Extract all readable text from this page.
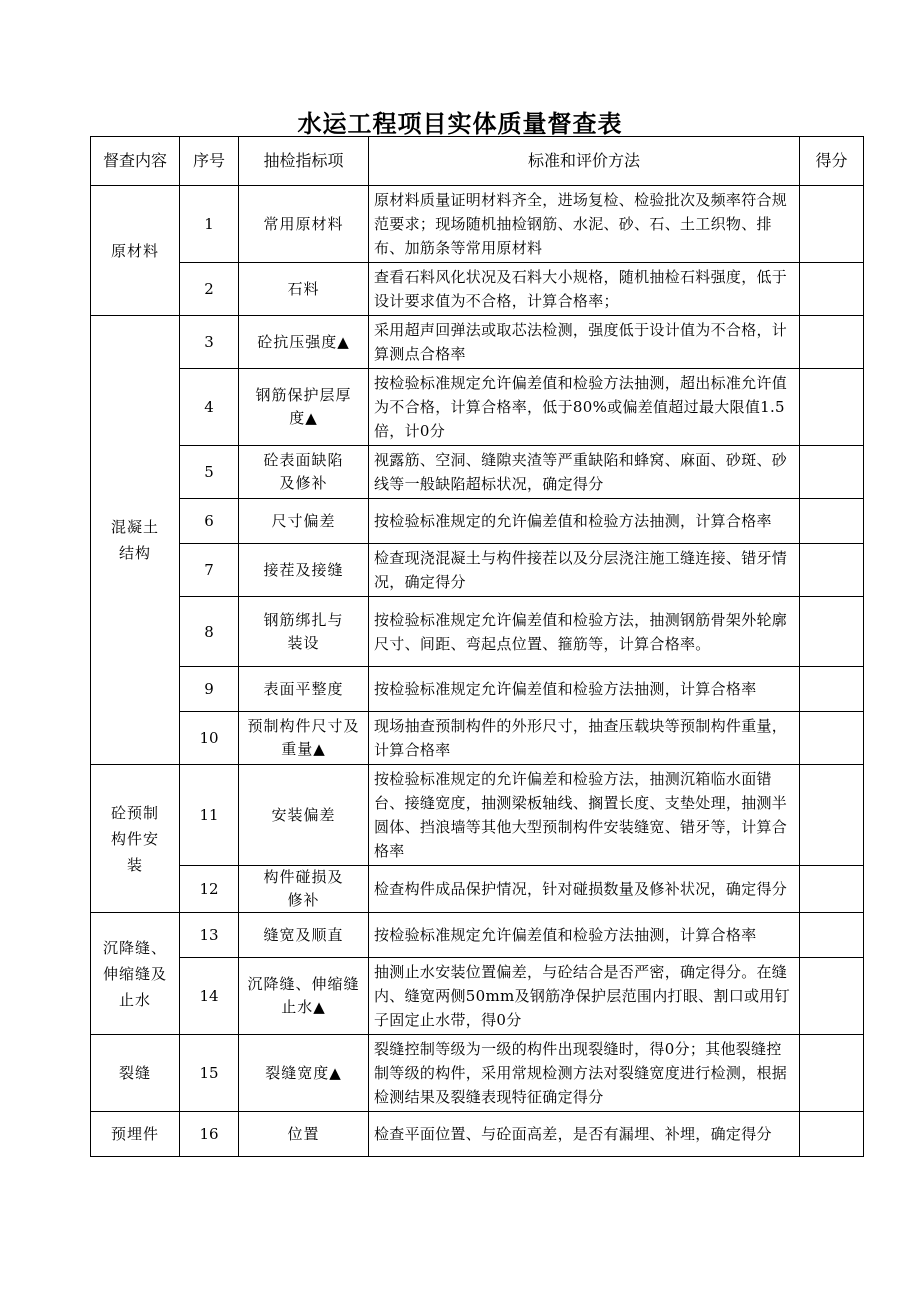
水运工程项目实体质量督查表
督查内容	序号	抽检指标项	标准和评价方法	得分
原材料	1	常用原材料	原材料质量证明材料齐全，进场复检、检验批次及频率符合规范要求；现场随机抽检钢筋、水泥、砂、石、土工织物、排布、加筋条等常用原材料	
	2	石料	查看石料风化状况及石料大小规格，随机抽检石料强度，低于设计要求值为不合格，计算合格率；	
混凝土结构	3	砼抗压强度▲	采用超声回弹法或取芯法检测，强度低于设计值为不合格，计算测点合格率	
	4	钢筋保护层厚度▲	按检验标准规定允许偏差值和检验方法抽测，超出标准允许值为不合格，计算合格率，低于80%或偏差值超过最大限值1.5倍，计0分	
	5	砼表面缺陷及修补	视露筋、空洞、缝隙夹渣等严重缺陷和蜂窝、麻面、砂斑、砂线等一般缺陷超标状况，确定得分	
	6	尺寸偏差	按检验标准规定的允许偏差值和检验方法抽测，计算合格率	
	7	接茬及接缝	检查现浇混凝土与构件接茬以及分层浇注施工缝连接、错牙情况，确定得分	
	8	钢筋绑扎与装设	按检验标准规定允许偏差值和检验方法，抽测钢筋骨架外轮廓尺寸、间距、弯起点位置、箍筋等，计算合格率。	
	9	表面平整度	按检验标准规定允许偏差值和检验方法抽测，计算合格率	
	10	预制构件尺寸及重量▲	现场抽查预制构件的外形尺寸，抽查压载块等预制构件重量，计算合格率	
砼预制构件安装	11	安装偏差	按检验标准规定的允许偏差和检验方法，抽测沉箱临水面错台、接缝宽度，抽测梁板轴线、搁置长度、支垫处理，抽测半圆体、挡浪墙等其他大型预制构件安装缝宽、错牙等，计算合格率	
	12	构件碰损及修补	检查构件成品保护情况，针对碰损数量及修补状况，确定得分	
沉降缝、伸缩缝及止水	13	缝宽及顺直	按检验标准规定允许偏差值和检验方法抽测，计算合格率	
	14	沉降缝、伸缩缝止水▲	抽测止水安装位置偏差，与砼结合是否严密，确定得分。在缝内、缝宽两侧50mm及钢筋净保护层范围内打眼、割口或用钉子固定止水带，得0分	
裂缝	15	裂缝宽度▲	裂缝控制等级为一级的构件出现裂缝时，得0分；其他裂缝控制等级的构件，采用常规检测方法对裂缝宽度进行检测，根据检测结果及裂缝表现特征确定得分	
预埋件	16	位置	检查平面位置、与砼面高差，是否有漏埋、补埋，确定得分	
